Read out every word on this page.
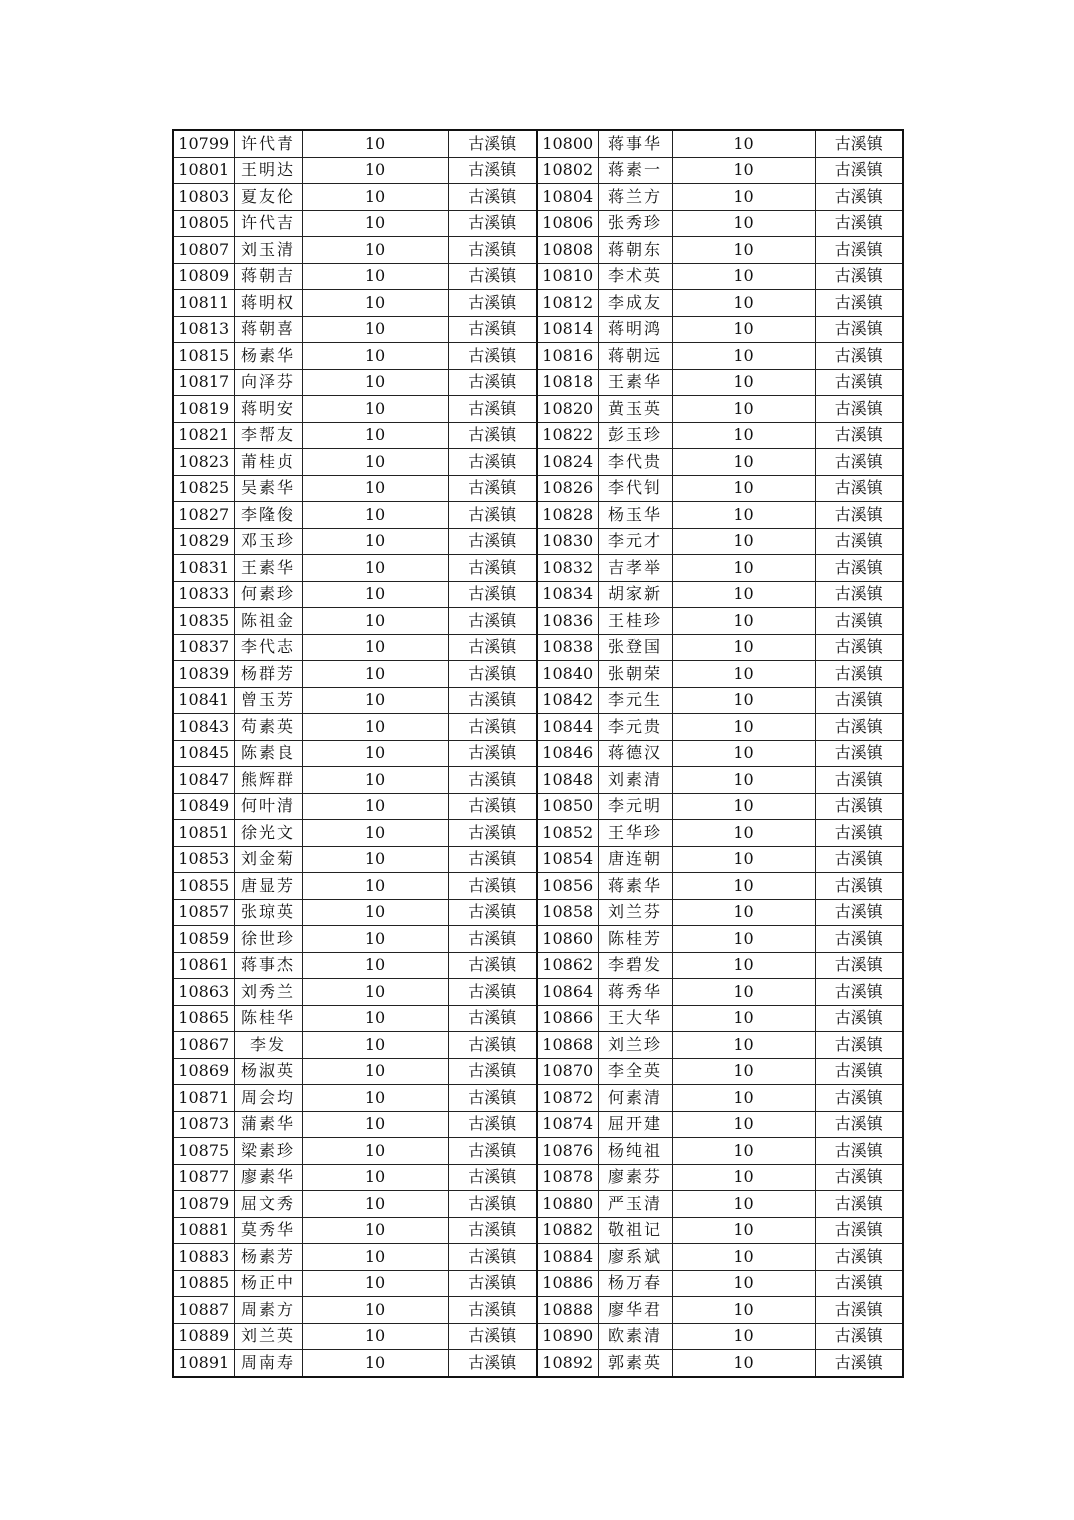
10799	许代青	10	古溪镇	10800	蒋事华	10	古溪镇
10801	王明达	10	古溪镇	10802	蒋素一	10	古溪镇
10803	夏友伦	10	古溪镇	10804	蒋兰方	10	古溪镇
10805	许代吉	10	古溪镇	10806	张秀珍	10	古溪镇
10807	刘玉清	10	古溪镇	10808	蒋朝东	10	古溪镇
10809	蒋朝吉	10	古溪镇	10810	李术英	10	古溪镇
10811	蒋明权	10	古溪镇	10812	李成友	10	古溪镇
10813	蒋朝喜	10	古溪镇	10814	蒋明鸿	10	古溪镇
10815	杨素华	10	古溪镇	10816	蒋朝远	10	古溪镇
10817	向泽芬	10	古溪镇	10818	王素华	10	古溪镇
10819	蒋明安	10	古溪镇	10820	黄玉英	10	古溪镇
10821	李帮友	10	古溪镇	10822	彭玉珍	10	古溪镇
10823	莆桂贞	10	古溪镇	10824	李代贵	10	古溪镇
10825	吴素华	10	古溪镇	10826	李代钊	10	古溪镇
10827	李隆俊	10	古溪镇	10828	杨玉华	10	古溪镇
10829	邓玉珍	10	古溪镇	10830	李元才	10	古溪镇
10831	王素华	10	古溪镇	10832	吉孝举	10	古溪镇
10833	何素珍	10	古溪镇	10834	胡家新	10	古溪镇
10835	陈祖金	10	古溪镇	10836	王桂珍	10	古溪镇
10837	李代志	10	古溪镇	10838	张登国	10	古溪镇
10839	杨群芳	10	古溪镇	10840	张朝荣	10	古溪镇
10841	曾玉芳	10	古溪镇	10842	李元生	10	古溪镇
10843	苟素英	10	古溪镇	10844	李元贵	10	古溪镇
10845	陈素良	10	古溪镇	10846	蒋德汉	10	古溪镇
10847	熊辉群	10	古溪镇	10848	刘素清	10	古溪镇
10849	何叶清	10	古溪镇	10850	李元明	10	古溪镇
10851	徐光文	10	古溪镇	10852	王华珍	10	古溪镇
10853	刘金菊	10	古溪镇	10854	唐连朝	10	古溪镇
10855	唐显芳	10	古溪镇	10856	蒋素华	10	古溪镇
10857	张琼英	10	古溪镇	10858	刘兰芬	10	古溪镇
10859	徐世珍	10	古溪镇	10860	陈桂芳	10	古溪镇
10861	蒋事杰	10	古溪镇	10862	李碧发	10	古溪镇
10863	刘秀兰	10	古溪镇	10864	蒋秀华	10	古溪镇
10865	陈桂华	10	古溪镇	10866	王大华	10	古溪镇
10867	李发	10	古溪镇	10868	刘兰珍	10	古溪镇
10869	杨淑英	10	古溪镇	10870	李全英	10	古溪镇
10871	周会均	10	古溪镇	10872	何素清	10	古溪镇
10873	蒲素华	10	古溪镇	10874	屈开建	10	古溪镇
10875	梁素珍	10	古溪镇	10876	杨纯祖	10	古溪镇
10877	廖素华	10	古溪镇	10878	廖素芬	10	古溪镇
10879	屈文秀	10	古溪镇	10880	严玉清	10	古溪镇
10881	莫秀华	10	古溪镇	10882	敬祖记	10	古溪镇
10883	杨素芳	10	古溪镇	10884	廖系斌	10	古溪镇
10885	杨正中	10	古溪镇	10886	杨万春	10	古溪镇
10887	周素方	10	古溪镇	10888	廖华君	10	古溪镇
10889	刘兰英	10	古溪镇	10890	欧素清	10	古溪镇
10891	周南寿	10	古溪镇	10892	郭素英	10	古溪镇
